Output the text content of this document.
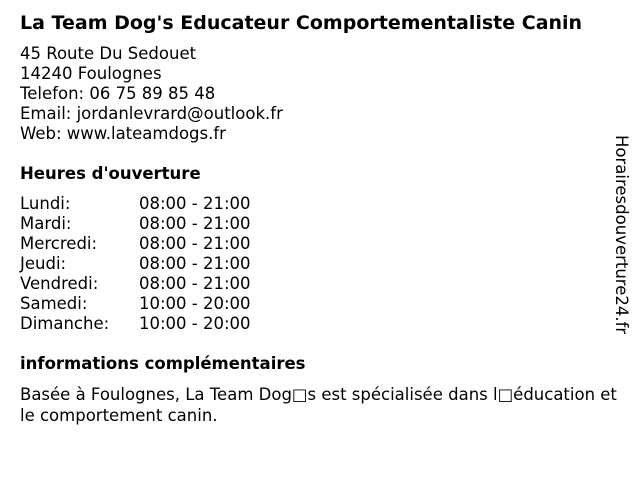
La Team Dog's Educateur Comportementaliste Canin
45 Route Du Sedouet
14240 Foulognes
Telefon: 06 75 89 85 48
Email: jordanlevrard@outlook.fr
Web: www.lateamdogs.fr
Heures d'ouverture
Lundi:	08:00 - 21:00
Mardi:	08:00 - 21:00
Mercredi:	08:00 - 21:00
Jeudi:	08:00 - 21:00
Vendredi:	08:00 - 21:00
Samedi:	10:00 - 20:00
Dimanche:	10:00 - 20:00
informations complémentaires
Basée à Foulognes, La Team Dog□s est spécialisée dans l□éducation et le comportement canin.
Horairesdouverture24.fr
